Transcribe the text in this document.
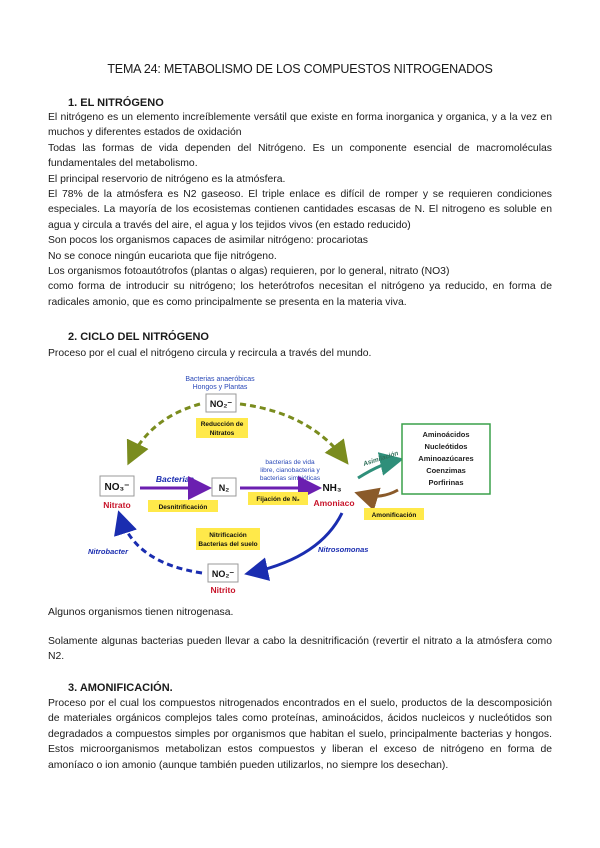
TEMA 24: METABOLISMO DE LOS COMPUESTOS NITROGENADOS
1. EL NITRÓGENO
El nitrógeno es un elemento increíblemente versátil que existe en forma inorganica y organica, y a la vez en muchos y diferentes estados de oxidación
Todas las formas de vida dependen del Nitrógeno. Es un componente esencial de macromoléculas fundamentales del metabolismo.
El principal reservorio de nitrógeno es la atmósfera.
El 78% de la atmósfera es N2 gaseoso. El triple enlace es difícil de romper y se requieren condiciones especiales. La mayoría de los ecosistemas contienen cantidades escasas de N. El nitrogeno es soluble en agua y circula a través del aire, el agua y los tejidos vivos (en estado reducido)
Son pocos los organismos capaces de asimilar nitrógeno: procariotas
No se conoce ningún eucariota que fije nitrógeno.
Los organismos fotoautótrofos (plantas o algas) requieren, por lo general, nitrato (NO3)
como forma de introducir su nitrógeno; los heterótrofos necesitan el nitrógeno ya reducido, en forma de radicales amonio, que es como principalmente se presenta en la materia viva.
2. CICLO DEL NITRÓGENO
Proceso por el cual el nitrógeno circula y recircula a través del mundo.
Bacterias anaeróbicas
Hongos y Plantas
NO₂⁻
Reducción de
Nitratos
NO₃⁻
Nitrato
Bacterias
Desnitrificación
N₂
bacterias de vida
libre, cianobacteria y
bacterias simbióticas
Fijación de N₂
NH₃
Amoniaco
Asimilación
Amonificación
Aminoácidos
Nucleótidos
Aminoazúcares
Coenzimas
Porfirinas
Nitrificación
Bacterias del suelo
Nitrobacter	Nitrosomonas
NO₂⁻
Nitrito
Algunos organismos tienen nitrogenasa.
Solamente algunas bacterias pueden llevar a cabo la desnitrificación (revertir el nitrato a la atmósfera como N2.
3. AMONIFICACIÓN.
Proceso por el cual los compuestos nitrogenados encontrados en el suelo, productos de la descomposición de materiales orgánicos complejos tales como proteínas, aminoácidos, ácidos nucleicos y nucleótidos son degradados a compuestos simples por organismos que habitan el suelo, principalmente bacterias y hongos. Estos microorganismos metabolizan estos compuestos y liberan el exceso de nitrógeno en forma de amoníaco o ion amonio (aunque también pueden utilizarlos, no siempre los desechan).
